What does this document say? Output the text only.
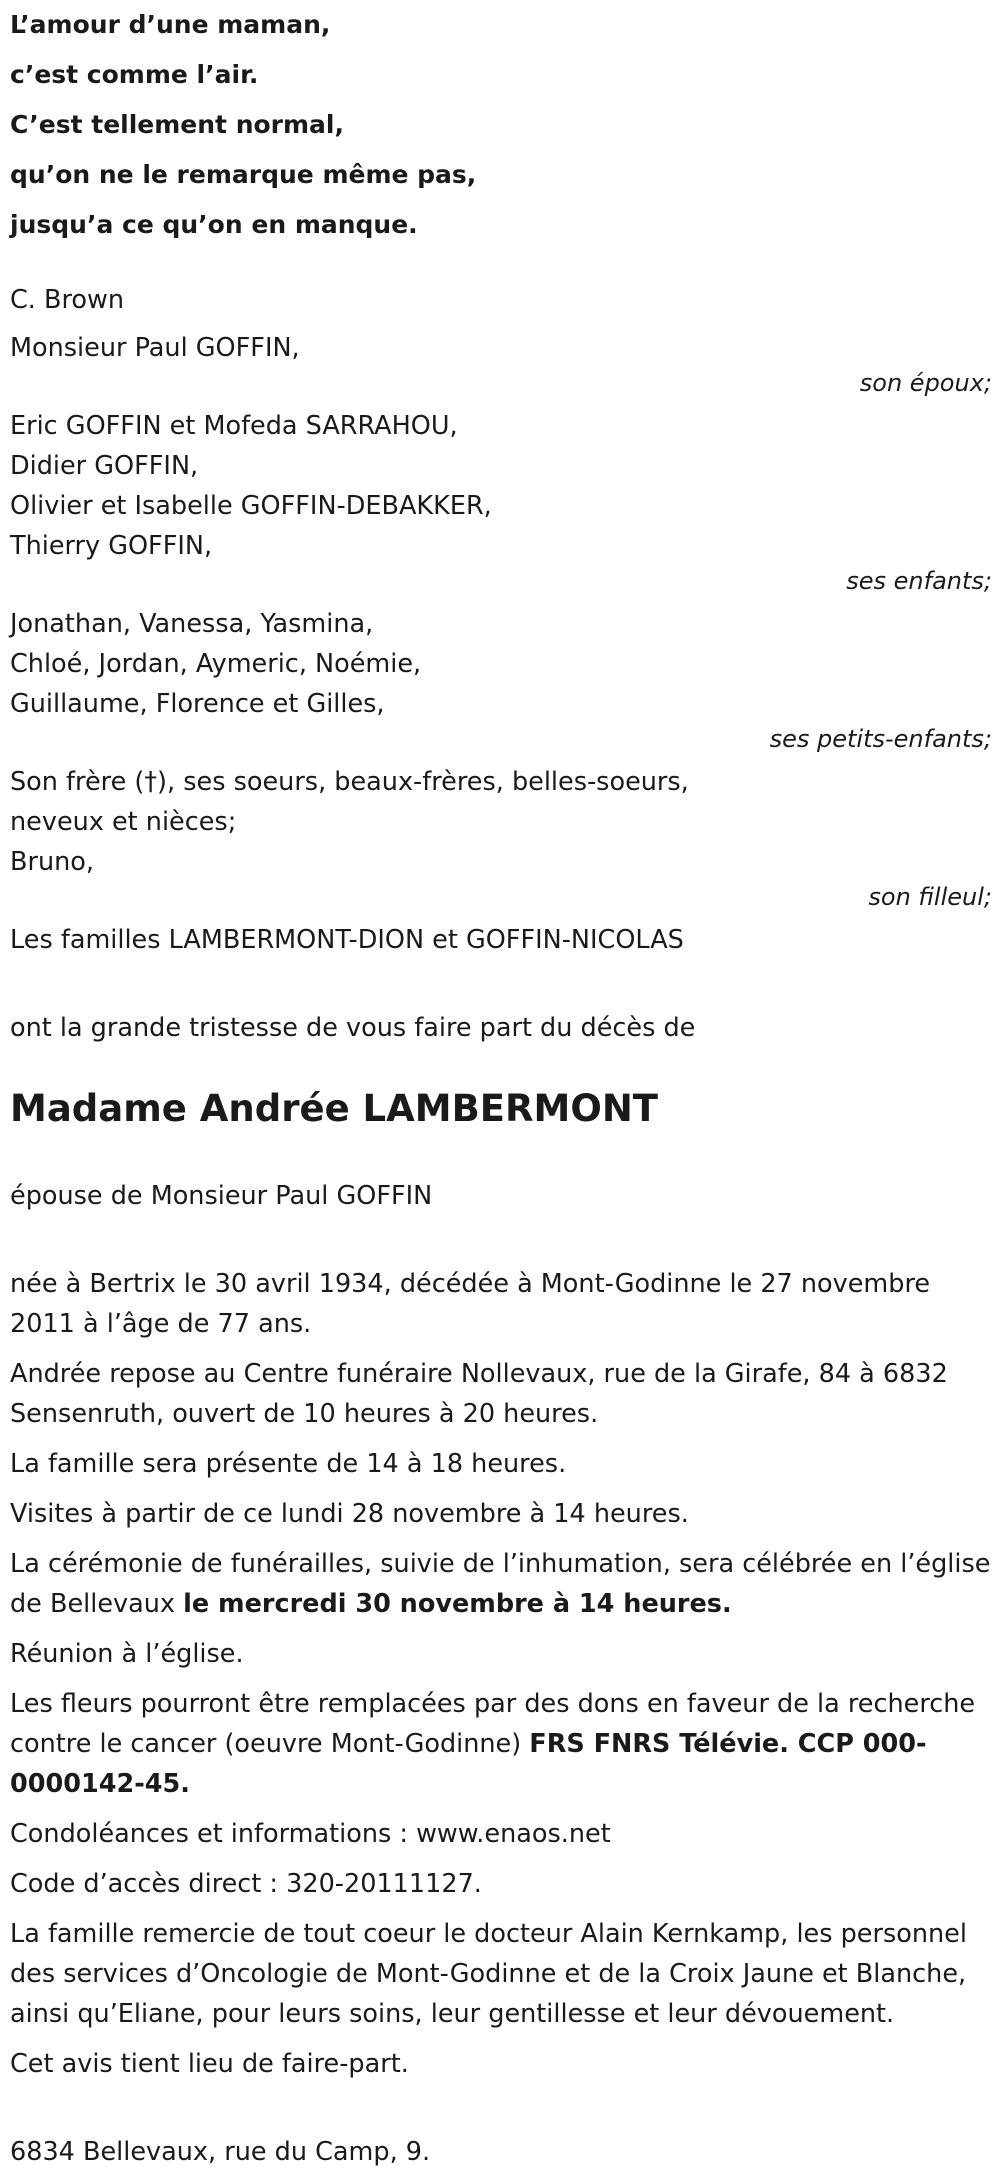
L’amour d’une maman,

c’est comme l’air.

C’est tellement normal,

qu’on ne le remarque même pas,

jusqu’a ce qu’on en manque.

C. Brown

Monsieur Paul GOFFIN,

son époux;

Eric GOFFIN et Mofeda SARRAHOU,

Didier GOFFIN,

Olivier et Isabelle GOFFIN-DEBAKKER,

Thierry GOFFIN,

ses enfants;

Jonathan, Vanessa, Yasmina,

Chloé, Jordan, Aymeric, Noémie,

Guillaume, Florence et Gilles,

ses petits-enfants;

Son frère (†), ses soeurs, beaux-frères, belles-soeurs,

neveux et nièces;

Bruno,

son filleul;

Les familles LAMBERMONT-DION et GOFFIN-NICOLAS

ont la grande tristesse de vous faire part du décès de

Madame Andrée LAMBERMONT

épouse de Monsieur Paul GOFFIN

née à Bertrix le 30 avril 1934, décédée à Mont-Godinne le 27 novembre 2011 à l’âge de 77 ans.

Andrée repose au Centre funéraire Nollevaux, rue de la Girafe, 84 à 6832 Sensenruth, ouvert de 10 heures à 20 heures.

La famille sera présente de 14 à 18 heures.

Visites à partir de ce lundi 28 novembre à 14 heures.

La cérémonie de funérailles, suivie de l’inhumation, sera célébrée en l’église de Bellevaux le mercredi 30 novembre à 14 heures.

Réunion à l’église.

Les fleurs pourront être remplacées par des dons en faveur de la recherche contre le cancer (oeuvre Mont-Godinne) FRS FNRS Télévie. CCP 000-0000142-45.

Condoléances et informations : www.enaos.net

Code d’accès direct : 320-20111127.

La famille remercie de tout coeur le docteur Alain Kernkamp, les personnel des services d’Oncologie de Mont-Godinne et de la Croix Jaune et Blanche, ainsi qu’Eliane, pour leurs soins, leur gentillesse et leur dévouement.

Cet avis tient lieu de faire-part.

6834 Bellevaux, rue du Camp, 9.
